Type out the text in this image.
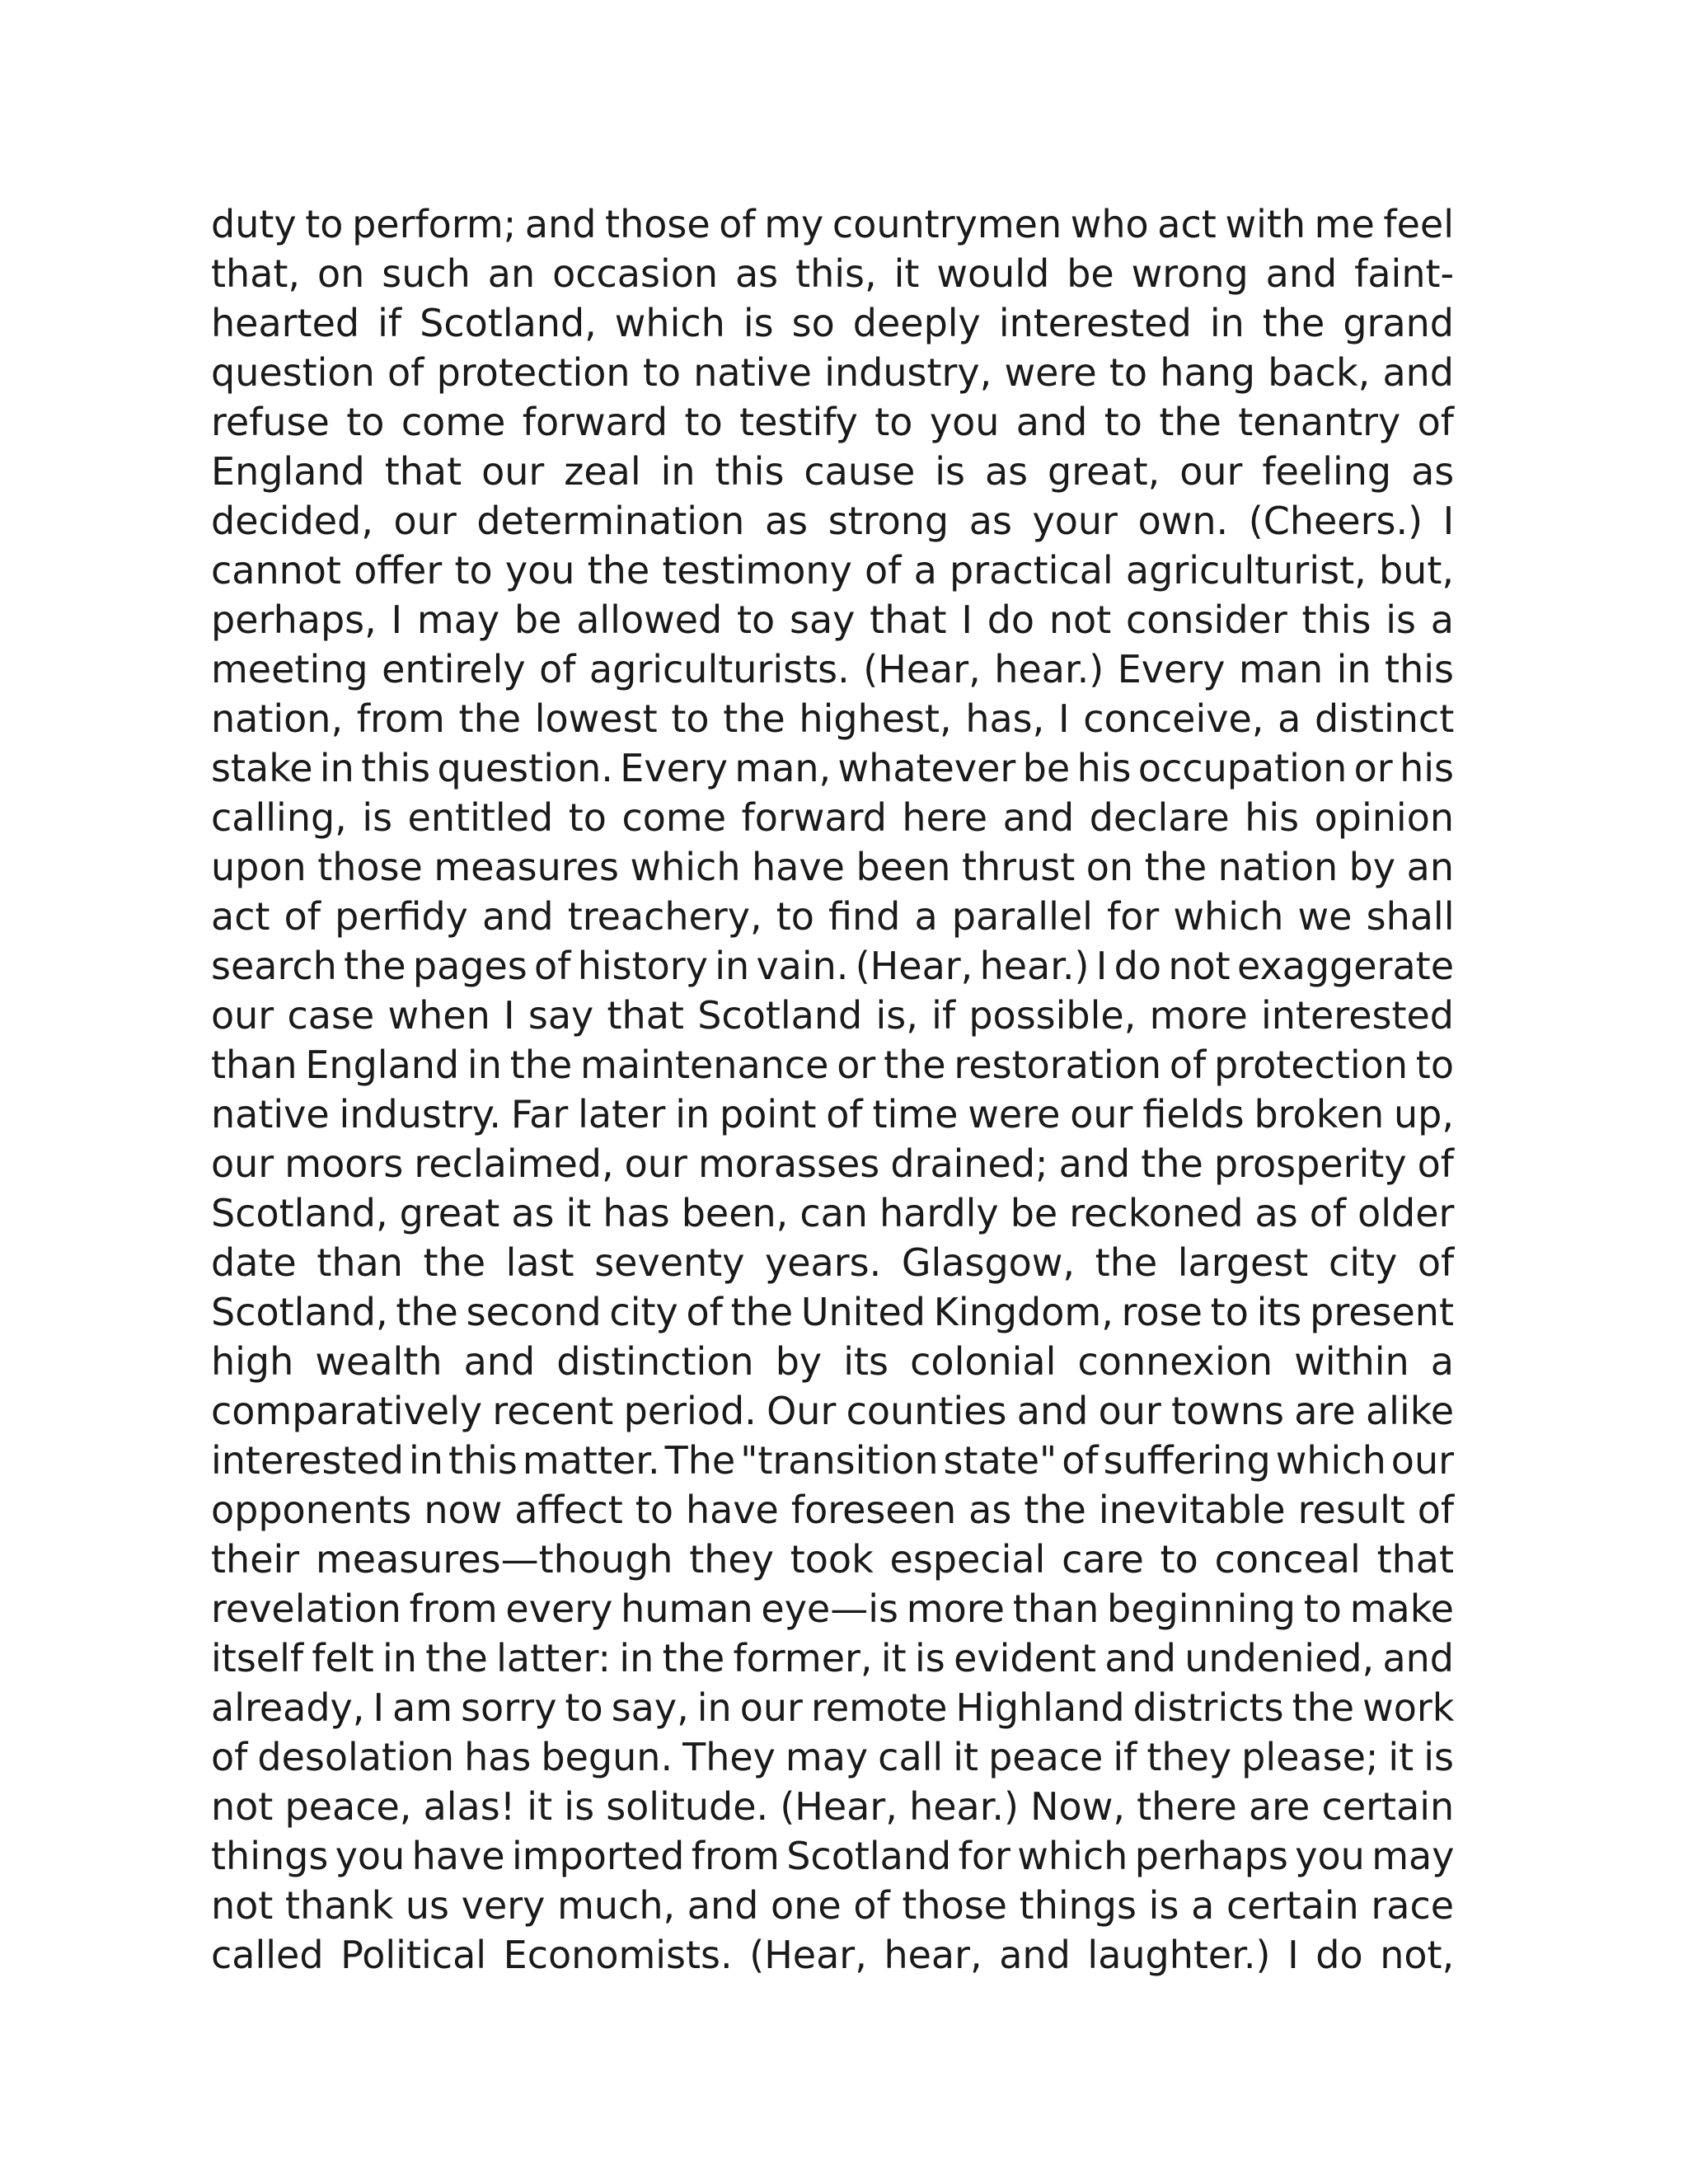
duty to perform; and those of my countrymen who act with me feel
that, on such an occasion as this, it would be wrong and faint-
hearted if Scotland, which is so deeply interested in the grand
question of protection to native industry, were to hang back, and
refuse to come forward to testify to you and to the tenantry of
England that our zeal in this cause is as great, our feeling as
decided, our determination as strong as your own. (Cheers.) I
cannot offer to you the testimony of a practical agriculturist, but,
perhaps, I may be allowed to say that I do not consider this is a
meeting entirely of agriculturists. (Hear, hear.) Every man in this
nation, from the lowest to the highest, has, I conceive, a distinct
stake in this question. Every man, whatever be his occupation or his
calling, is entitled to come forward here and declare his opinion
upon those measures which have been thrust on the nation by an
act of perfidy and treachery, to find a parallel for which we shall
search the pages of history in vain. (Hear, hear.) I do not exaggerate
our case when I say that Scotland is, if possible, more interested
than England in the maintenance or the restoration of protection to
native industry. Far later in point of time were our fields broken up,
our moors reclaimed, our morasses drained; and the prosperity of
Scotland, great as it has been, can hardly be reckoned as of older
date than the last seventy years. Glasgow, the largest city of
Scotland, the second city of the United Kingdom, rose to its present
high wealth and distinction by its colonial connexion within a
comparatively recent period. Our counties and our towns are alike
interested in this matter. The "transition state" of suffering which our
opponents now affect to have foreseen as the inevitable result of
their measures—though they took especial care to conceal that
revelation from every human eye—is more than beginning to make
itself felt in the latter: in the former, it is evident and undenied, and
already, I am sorry to say, in our remote Highland districts the work
of desolation has begun. They may call it peace if they please; it is
not peace, alas! it is solitude. (Hear, hear.) Now, there are certain
things you have imported from Scotland for which perhaps you may
not thank us very much, and one of those things is a certain race
called Political Economists. (Hear, hear, and laughter.) I do not,
